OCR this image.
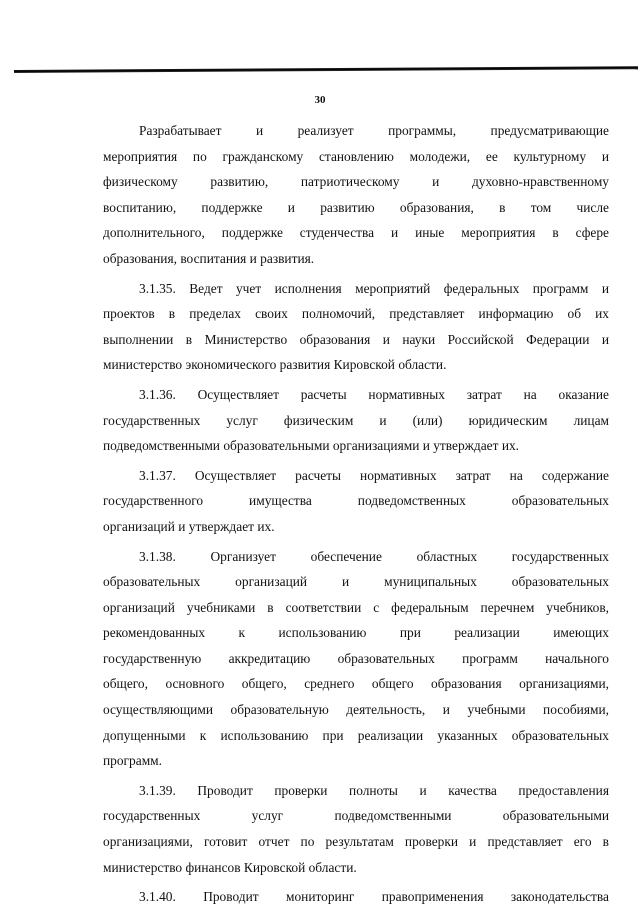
30
Разрабатывает и реализует программы, предусматривающие
мероприятия по гражданскому становлению молодежи, ее культурному и
физическому развитию, патриотическому и духовно-нравственному
воспитанию, поддержке и развитию образования, в том числе
дополнительного, поддержке студенчества и иные мероприятия в сфере
образования, воспитания и развития.
3.1.35. Ведет учет исполнения мероприятий федеральных программ и
проектов в пределах своих полномочий, представляет информацию об их
выполнении в Министерство образования и науки Российской Федерации и
министерство экономического развития Кировской области.
3.1.36. Осуществляет расчеты нормативных затрат на оказание
государственных услуг физическим и (или) юридическим лицам
подведомственными образовательными организациями и утверждает их.
3.1.37. Осуществляет расчеты нормативных затрат на содержание
государственного имущества подведомственных образовательных
организаций и утверждает их.
3.1.38. Организует обеспечение областных государственных
образовательных организаций и муниципальных образовательных
организаций учебниками в соответствии с федеральным перечнем учебников,
рекомендованных к использованию при реализации имеющих
государственную аккредитацию образовательных программ начального
общего, основного общего, среднего общего образования организациями,
осуществляющими образовательную деятельность, и учебными пособиями,
допущенными к использованию при реализации указанных образовательных
программ.
3.1.39. Проводит проверки полноты и качества предоставления
государственных услуг подведомственными образовательными
организациями, готовит отчет по результатам проверки и представляет его в
министерство финансов Кировской области.
3.1.40. Проводит мониторинг правоприменения законодательства
